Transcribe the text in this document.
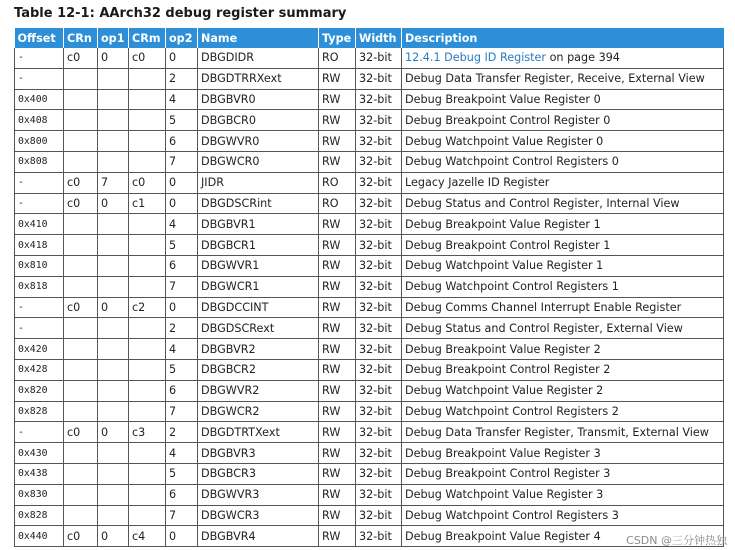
Table 12-1: AArch32 debug register summary
Offset	CRn	op1	CRm	op2	Name	Type	Width	Description
-	c0	0	c0	0	DBGDIDR	RO	32-bit	12.4.1 Debug ID Register on page 394
-				2	DBGDTRRXext	RW	32-bit	Debug Data Transfer Register, Receive, External View
0x400				4	DBGBVR0	RW	32-bit	Debug Breakpoint Value Register 0
0x408				5	DBGBCR0	RW	32-bit	Debug Breakpoint Control Register 0
0x800				6	DBGWVR0	RW	32-bit	Debug Watchpoint Value Register 0
0x808				7	DBGWCR0	RW	32-bit	Debug Watchpoint Control Registers 0
-	c0	7	c0	0	JIDR	RO	32-bit	Legacy Jazelle ID Register
-	c0	0	c1	0	DBGDSCRint	RO	32-bit	Debug Status and Control Register, Internal View
0x410				4	DBGBVR1	RW	32-bit	Debug Breakpoint Value Register 1
0x418				5	DBGBCR1	RW	32-bit	Debug Breakpoint Control Register 1
0x810				6	DBGWVR1	RW	32-bit	Debug Watchpoint Value Register 1
0x818				7	DBGWCR1	RW	32-bit	Debug Watchpoint Control Registers 1
-	c0	0	c2	0	DBGDCCINT	RW	32-bit	Debug Comms Channel Interrupt Enable Register
-				2	DBGDSCRext	RW	32-bit	Debug Status and Control Register, External View
0x420				4	DBGBVR2	RW	32-bit	Debug Breakpoint Value Register 2
0x428				5	DBGBCR2	RW	32-bit	Debug Breakpoint Control Register 2
0x820				6	DBGWVR2	RW	32-bit	Debug Watchpoint Value Register 2
0x828				7	DBGWCR2	RW	32-bit	Debug Watchpoint Control Registers 2
-	c0	0	c3	2	DBGDTRTXext	RW	32-bit	Debug Data Transfer Register, Transmit, External View
0x430				4	DBGBVR3	RW	32-bit	Debug Breakpoint Value Register 3
0x438				5	DBGBCR3	RW	32-bit	Debug Breakpoint Control Register 3
0x830				6	DBGWVR3	RW	32-bit	Debug Watchpoint Value Register 3
0x828				7	DBGWCR3	RW	32-bit	Debug Watchpoint Control Registers 3
0x440	c0	0	c4	0	DBGBVR4	RW	32-bit	Debug Breakpoint Value Register 4 CSDN @三分钟热独
